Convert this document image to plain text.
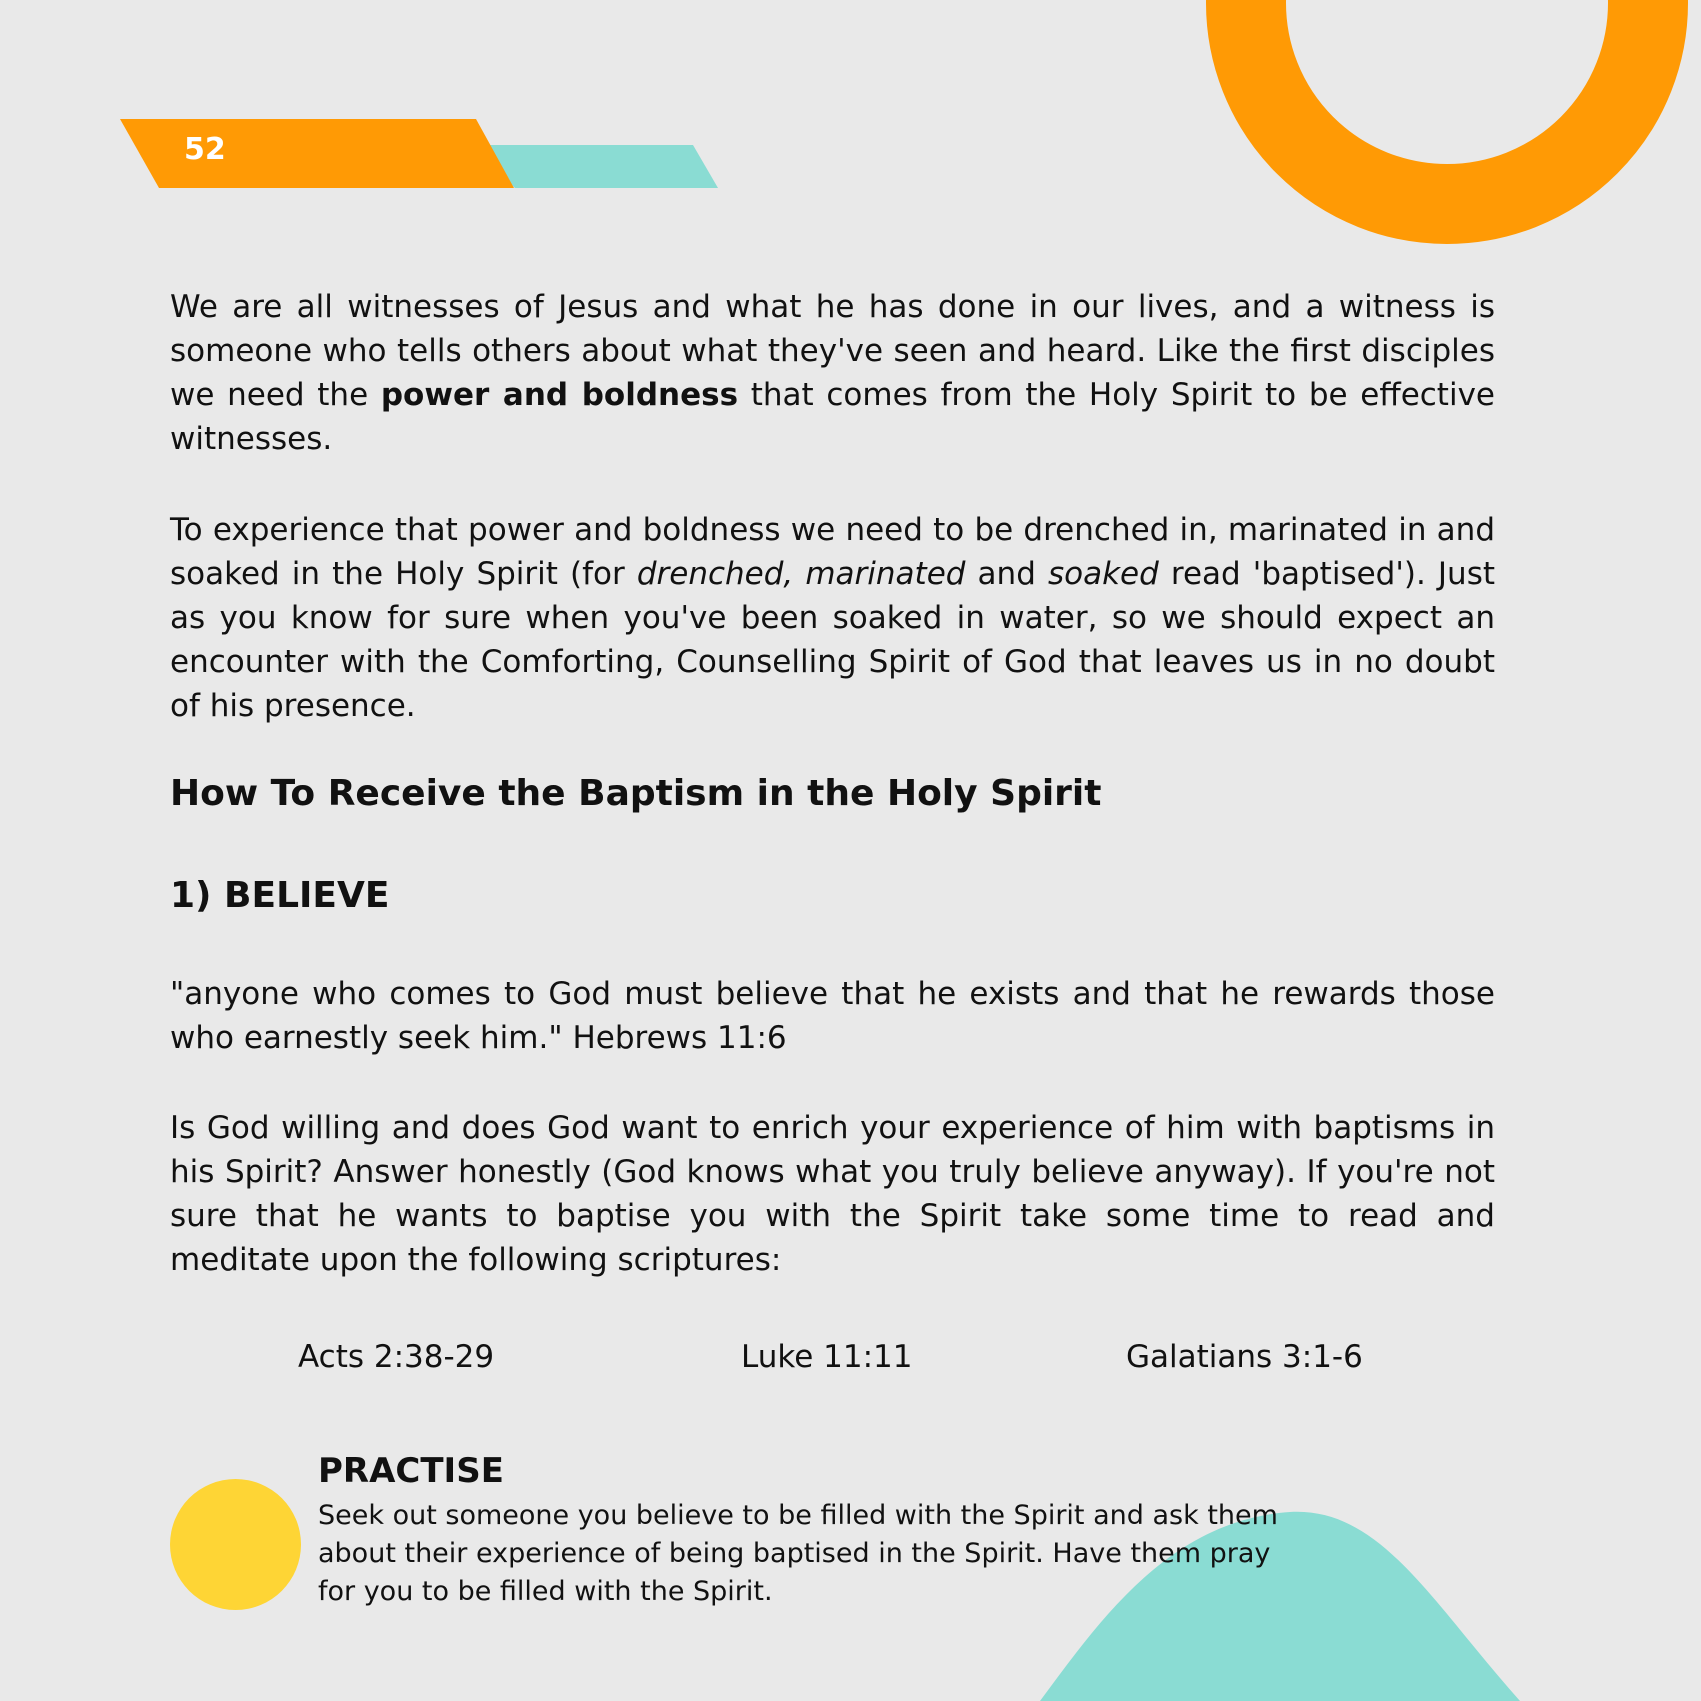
52

We are all witnesses of Jesus and what he has done in our lives, and a witness is someone who tells others about what they've seen and heard. Like the first disciples we need the power and boldness that comes from the Holy Spirit to be effective witnesses.

To experience that power and boldness we need to be drenched in, marinated in and soaked in the Holy Spirit (for drenched, marinated and soaked read 'baptised'). Just as you know for sure when you've been soaked in water, so we should expect an encounter with the Comforting, Counselling Spirit of God that leaves us in no doubt of his presence.

How To Receive the Baptism in the Holy Spirit
1) BELIEVE

"anyone who comes to God must believe that he exists and that he rewards those who earnestly seek him." Hebrews 11:6

Is God willing and does God want to enrich your experience of him with baptisms in his Spirit? Answer honestly (God knows what you truly believe anyway). If you're not sure that he wants to baptise you with the Spirit take some time to read and meditate upon the following scriptures:

Acts 2:38-29	Luke 11:11	Galatians 3:1-6
PRACTISE

Seek out someone you believe to be filled with the Spirit and ask them about their experience of being baptised in the Spirit. Have them pray for you to be filled with the Spirit.
